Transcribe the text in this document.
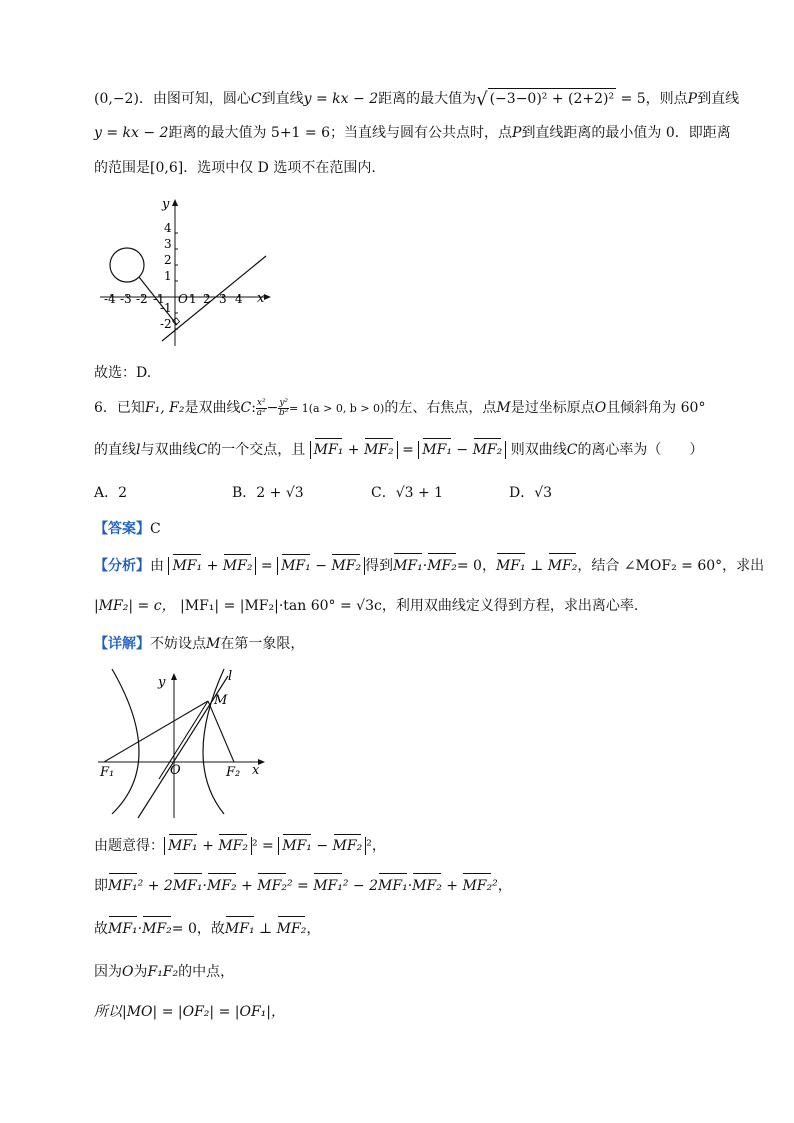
(0,−2)．由图可知，圆心C到直线y = kx − 2距离的最大值为√ (−3−0)² + (2+2)² = 5，则点P到直线
y = kx − 2距离的最大值为 5+1 = 6；当直线与圆有公共点时，点P到直线距离的最小值为 0．即距离
的范围是[0,6]．选项中仅 D 选项不在范围内.
y
x
O
4
3
2
1
-1
-2
-4 -3 -2 -1 1 2 3 4
故选：D.
6．已知F₁, F₂是双曲线C: $\frac{\text{x²}}{\text{a²}} - \frac{\text{y²}}{\text{b²}} = 1(a > 0$, b > 0)的左、右焦点，点M是过坐标原点O且倾斜角为 60°
的直线l与双曲线C的一个交点，且 MF₁ + MF₂ = MF₁ − MF₂ 则双曲线C的离心率为（　　）
A．2	B．2 + √3	C．√3 + 1	D．√3
【答案】C
【分析】由 MF₁ + MF₂ = MF₁ − MF₂ 得到MF₁·MF₂= 0，MF₁ ⊥ MF₂，结合 ∠MOF₂ = 60°，求出
|MF₂| = c， |MF₁| = |MF₂|·tan 60° = √3c，利用双曲线定义得到方程，求出离心率.
【详解】不妨设点M在第一象限，
y
x
O
F₁	F₂
M
l
由题意得： MF₁ + MF₂ ² = MF₁ − MF₂ ²，
即MF₁² + 2MF₁·MF₂ + MF₂² = MF₁² − 2MF₁·MF₂ + MF₂²，
故MF₁·MF₂= 0，故MF₁ ⊥ MF₂，
因为O为F₁F₂的中点，
所以|MO| = |OF₂| = |OF₁|，
